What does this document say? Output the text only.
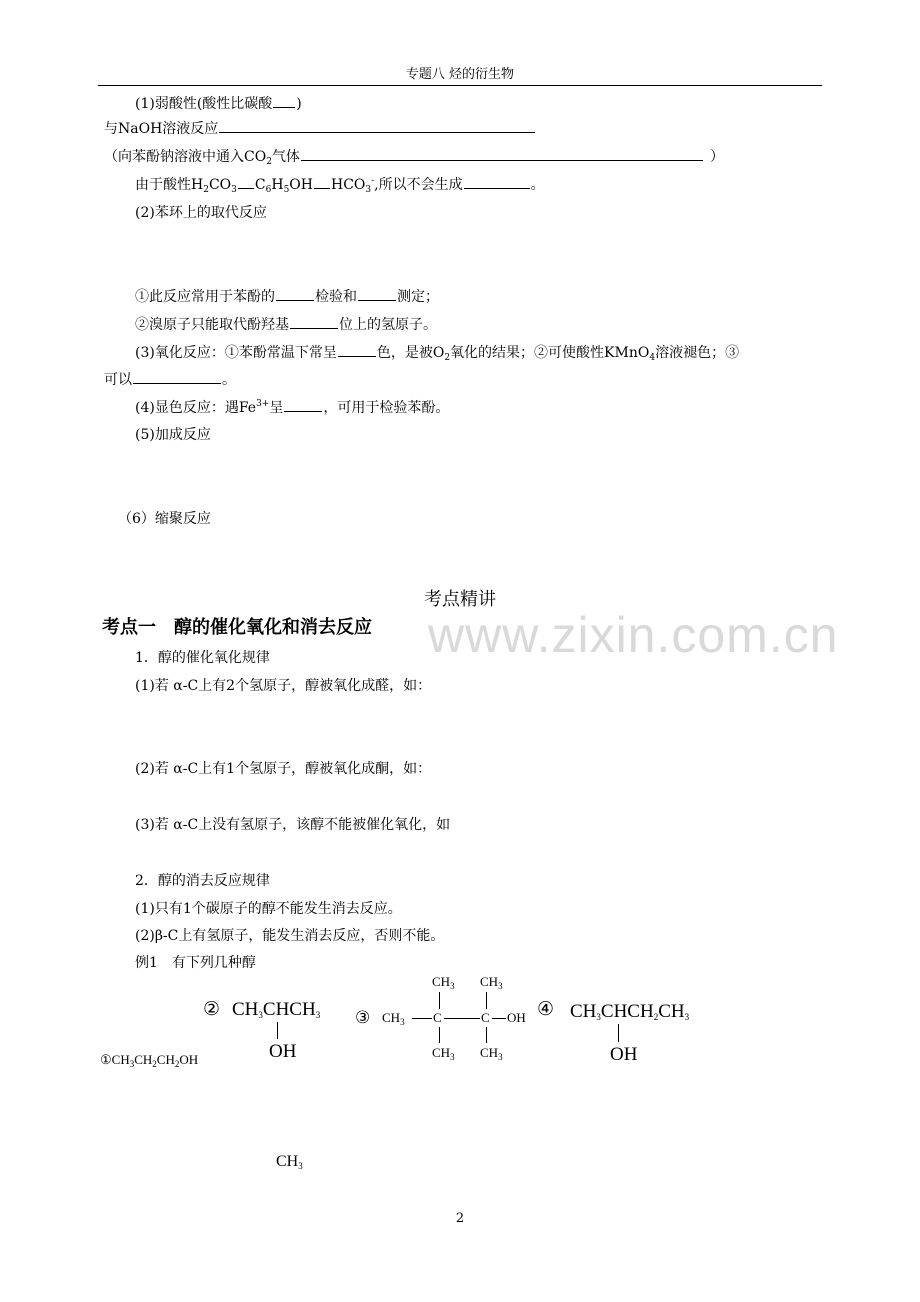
专题八 烃的衍生物
(1)弱酸性(酸性比碳酸 )
与NaOH溶液反应
（向苯酚钠溶液中通入$CO_2$气体	）
由于酸性$H_2CO_3$ $C_6H_5OH$ $HCO_3^-$,所以不会生成	。
(2)苯环上的取代反应
①此反应常用于苯酚的	检验和	测定；
②溴原子只能取代酚羟基	位上的氢原子。
(3)氧化反应：①苯酚常温下常呈	色，是被$O_2$氧化的结果；②可使酸性KMnO$_4$溶液褪色；③
可以	。
(4)显色反应：遇$Fe^{3+}$呈	，可用于检验苯酚。
(5)加成反应
（6）缩聚反应
考点精讲
www.zixin.com.cn
考点一　醇的催化氧化和消去反应
1．醇的催化氧化规律
(1)若 α-C上有2个氢原子，醇被氧化成醛，如：
(2)若 α-C上有1个氢原子，醇被氧化成酮，如：
(3)若 α-C上没有氢原子，该醇不能被催化氧化，如
2．醇的消去反应规律
(1)只有1个碳原子的醇不能发生消去反应。
(2)β-C上有氢原子，能发生消去反应，否则不能。
例1　有下列几种醇
$①CH_3CH_2CH_2OH$
② $CH_3CHCH_3$
OH
③
$CH_3$ $CH_3$
$CH_3$ C	C OH
$CH_3$ $CH_3$
④ $CH_3CHCH_2CH_3$
OH
$CH_3$
2
